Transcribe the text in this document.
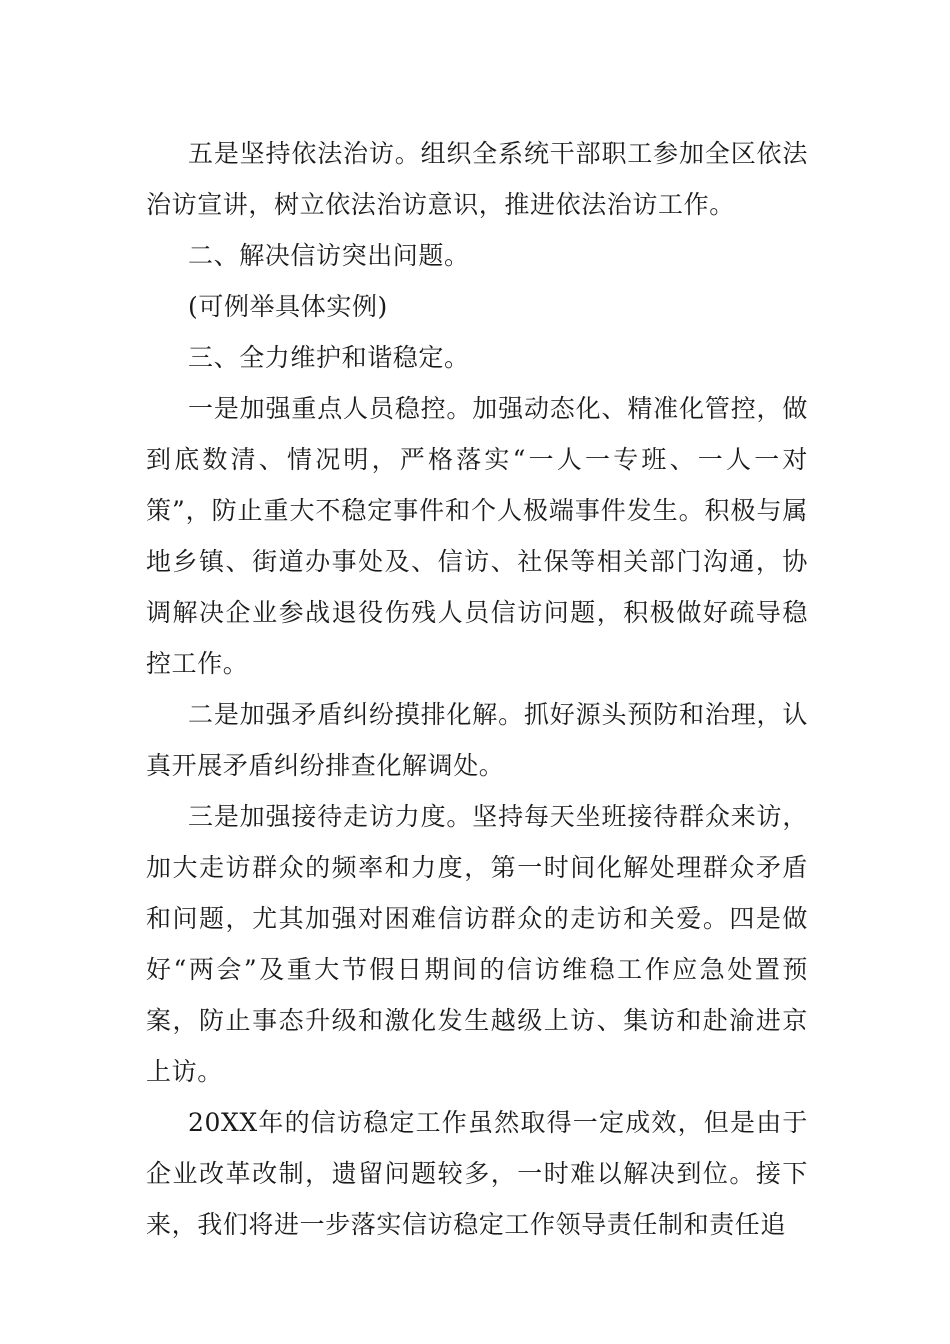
五是坚持依法治访。组织全系统干部职工参加全区依法治访宣讲，树立依法治访意识，推进依法治访工作。

二、解决信访突出问题。

(可例举具体实例)

三、全力维护和谐稳定。

一是加强重点人员稳控。加强动态化、精准化管控，做到底数清、情况明，严格落实“一人一专班、一人一对策”，防止重大不稳定事件和个人极端事件发生。积极与属地乡镇、街道办事处及、信访、社保等相关部门沟通，协调解决企业参战退役伤残人员信访问题，积极做好疏导稳控工作。

二是加强矛盾纠纷摸排化解。抓好源头预防和治理，认真开展矛盾纠纷排查化解调处。

三是加强接待走访力度。坚持每天坐班接待群众来访，加大走访群众的频率和力度，第一时间化解处理群众矛盾和问题，尤其加强对困难信访群众的走访和关爱。四是做好“两会”及重大节假日期间的信访维稳工作应急处置预案，防止事态升级和激化发生越级上访、集访和赴渝进京上访。

20XX年的信访稳定工作虽然取得一定成效，但是由于企业改革改制，遗留问题较多，一时难以解决到位。接下来，我们将进一步落实信访稳定工作领导责任制和责任追
